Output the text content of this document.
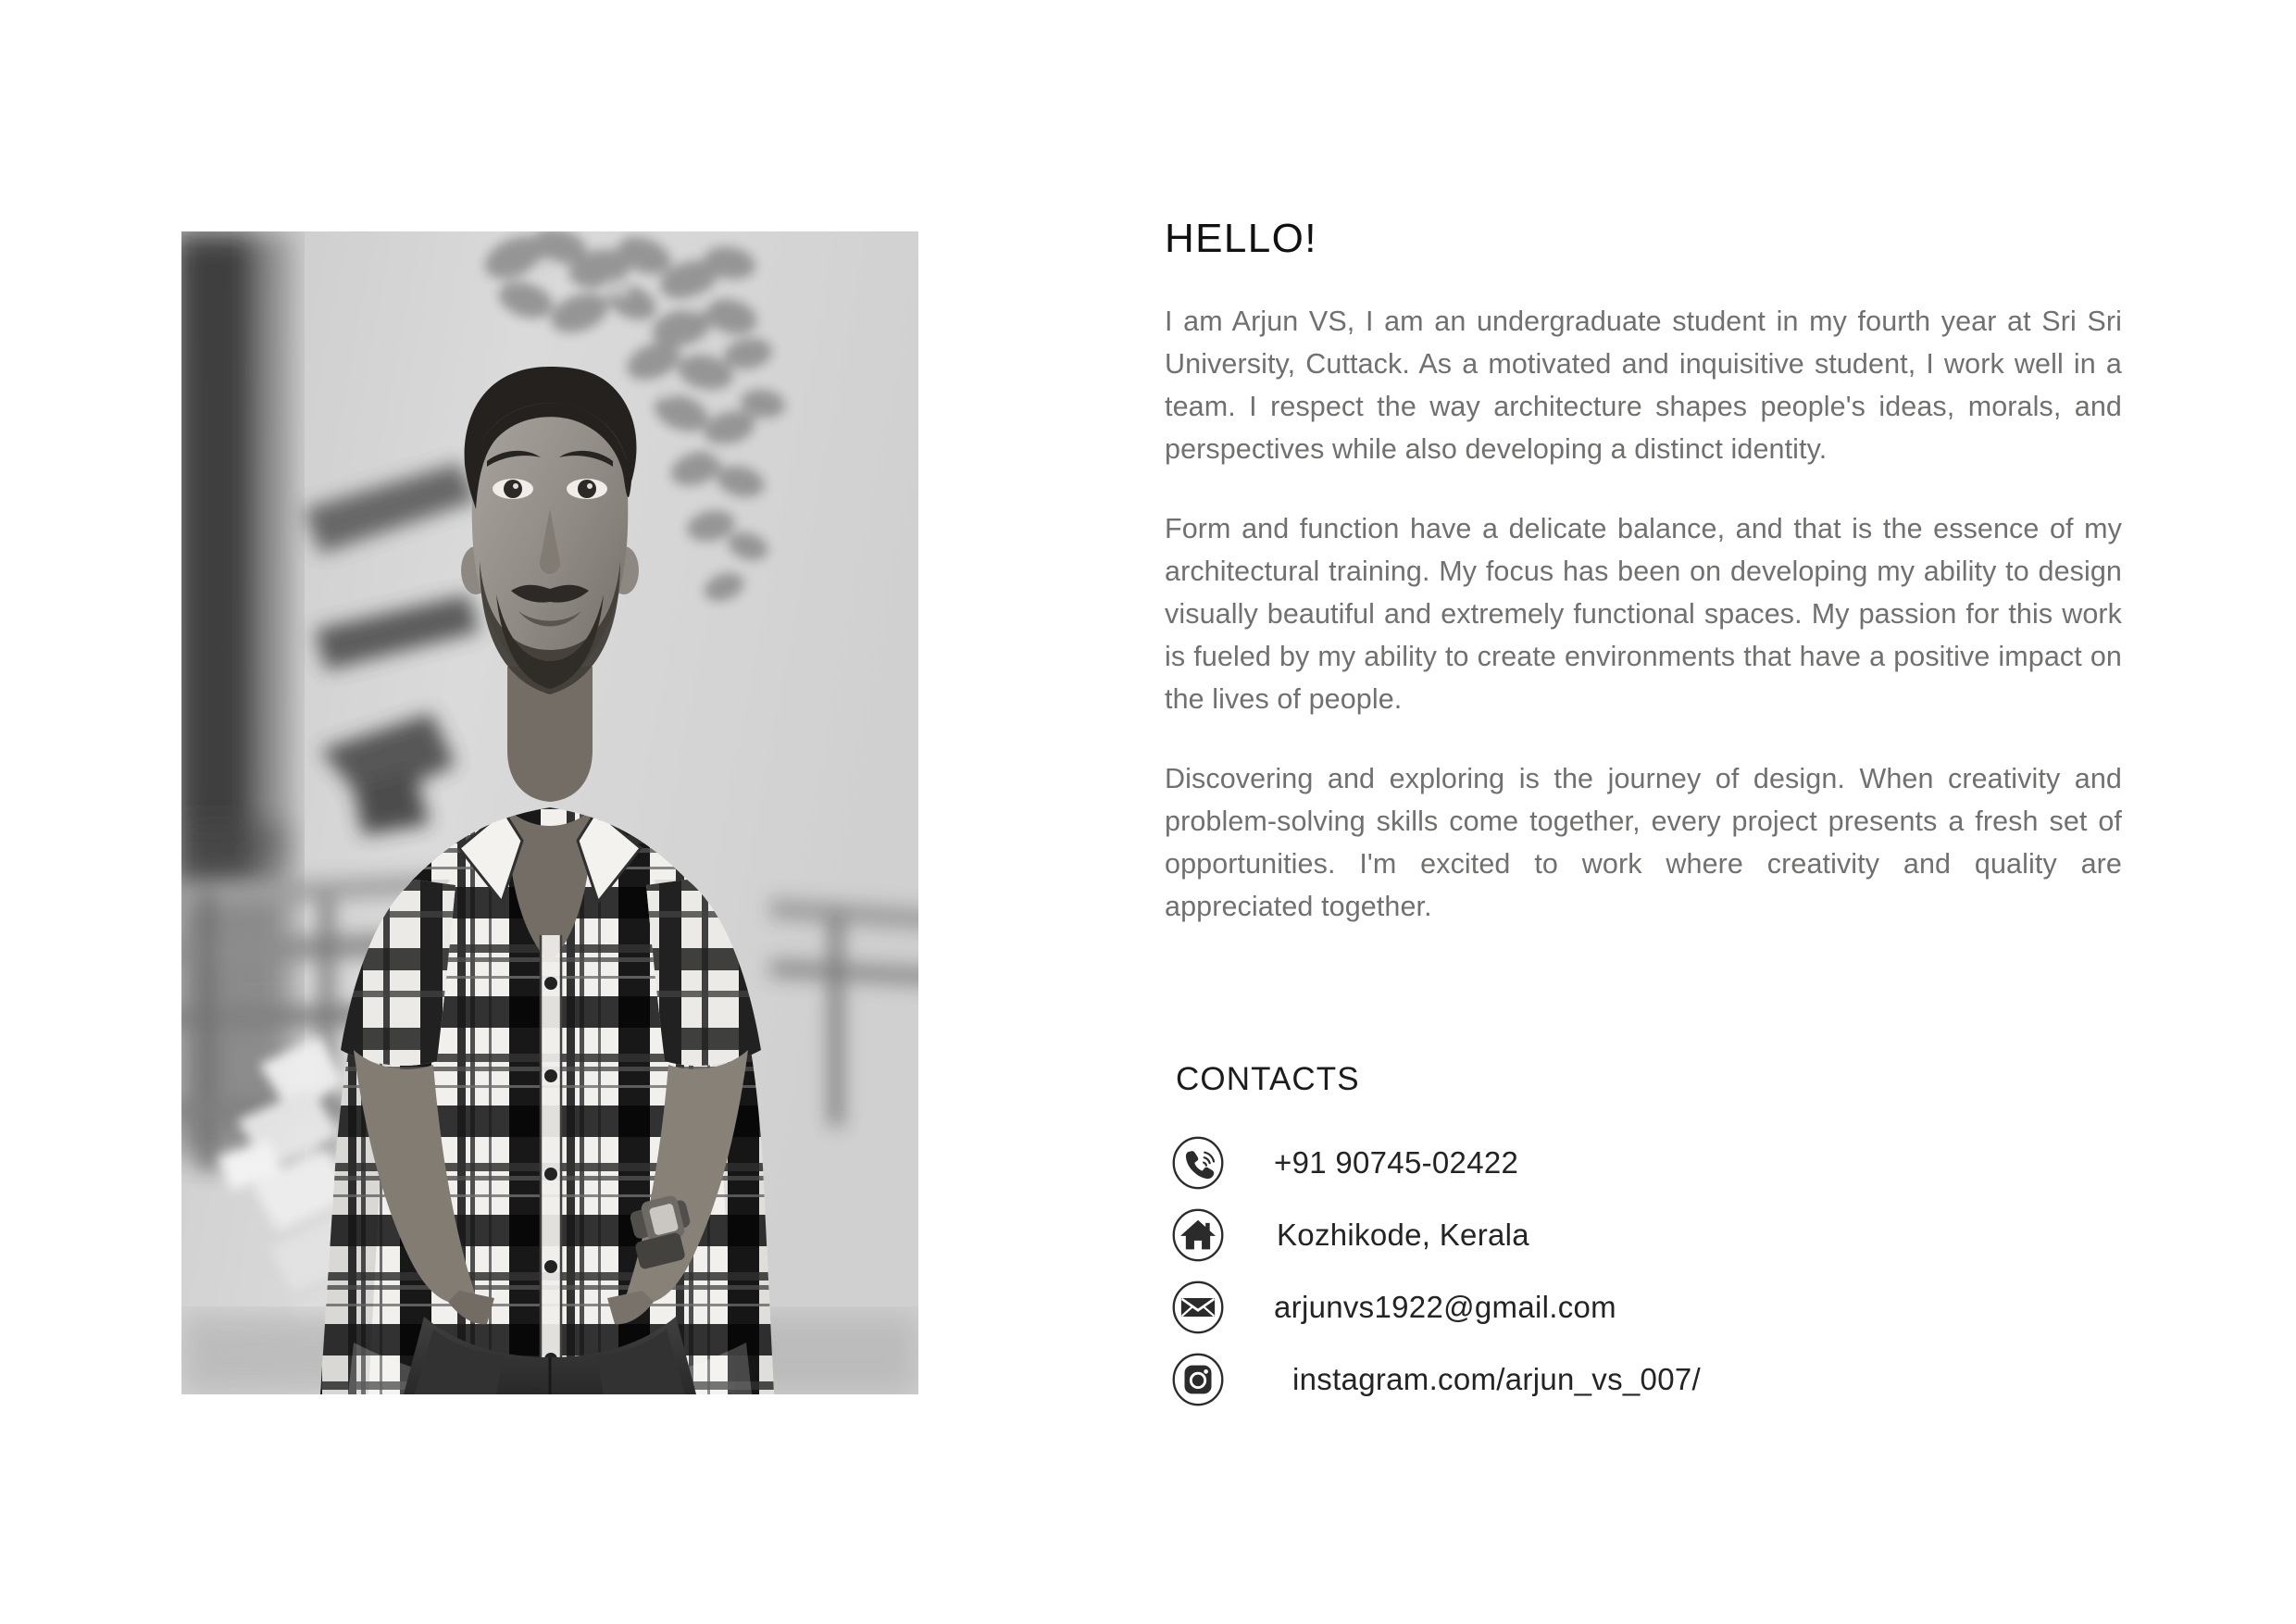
HELLO!

I am Arjun VS, I am an undergraduate student in my fourth year at Sri Sri University, Cuttack. As a motivated and inquisitive student, I work well in a team. I respect the way architecture shapes people's ideas, morals, and perspectives while also developing a distinct identity.

Form and function have a delicate balance, and that is the essence of my architectural training. My focus has been on developing my ability to design visually beautiful and extremely functional spaces. My passion for this work is fueled by my ability to create environments that have a positive impact on the lives of people.

Discovering and exploring is the journey of design. When creativity and problem-solving skills come together, every project presents a fresh set of opportunities. I'm excited to work where creativity and quality are appreciated together.

CONTACTS
+91 90745-02422
Kozhikode, Kerala
arjunvs1922@gmail.com
instagram.com/arjun_vs_007/
